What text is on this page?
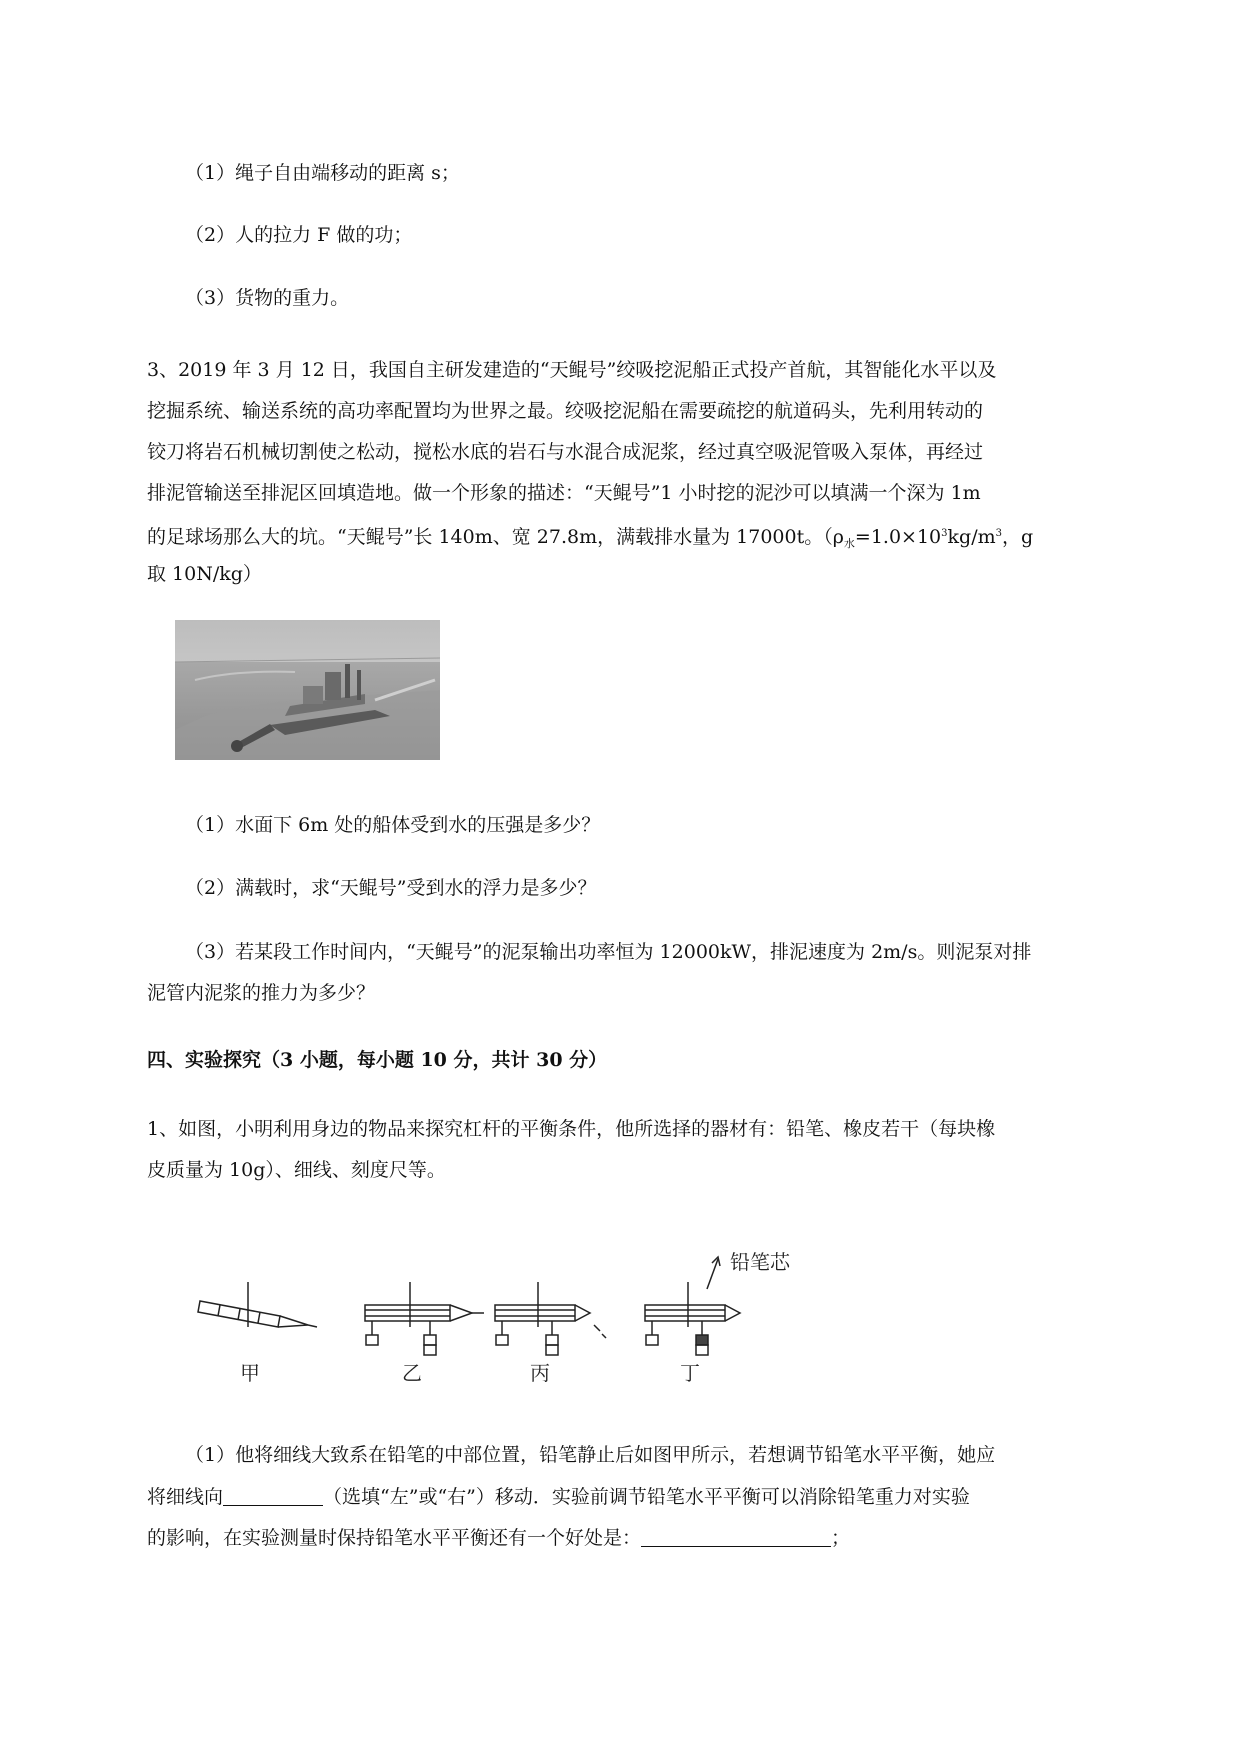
（1）绳子自由端移动的距离 s；
（2）人的拉力 F 做的功；
（3）货物的重力。
3、2019 年 3 月 12 日，我国自主研发建造的“天鲲号”绞吸挖泥船正式投产首航，其智能化水平以及
挖掘系统、输送系统的高功率配置均为世界之最。绞吸挖泥船在需要疏挖的航道码头，先利用转动的
铰刀将岩石机械切割使之松动，搅松水底的岩石与水混合成泥浆，经过真空吸泥管吸入泵体，再经过
排泥管输送至排泥区回填造地。做一个形象的描述：“天鲲号”1 小时挖的泥沙可以填满一个深为 1m
的足球场那么大的坑。“天鲲号”长 140m、宽 27.8m，满载排水量为 17000t。（$\rho_水=1.0\times 10^3kg/m^3$，g
取 10N/kg）
（1）水面下 6m 处的船体受到水的压强是多少？
（2）满载时，求“天鲲号”受到水的浮力是多少？
（3）若某段工作时间内，“天鲲号”的泥泵输出功率恒为 12000kW，排泥速度为 2m/s。则泥泵对排
泥管内泥浆的推力为多少？
四、实验探究（3 小题，每小题 10 分，共计 30 分）
1、如图，小明利用身边的物品来探究杠杆的平衡条件，他所选择的器材有：铅笔、橡皮若干（每块橡
皮质量为 10g）、细线、刻度尺等。
铅笔芯
甲	乙	丙	丁
（1）他将细线大致系在铅笔的中部位置，铅笔静止后如图甲所示，若想调节铅笔水平平衡，她应
将细线向	（选填“左”或“右”）移动．实验前调节铅笔水平平衡可以消除铅笔重力对实验
的影响，在实验测量时保持铅笔水平平衡还有一个好处是：	；
